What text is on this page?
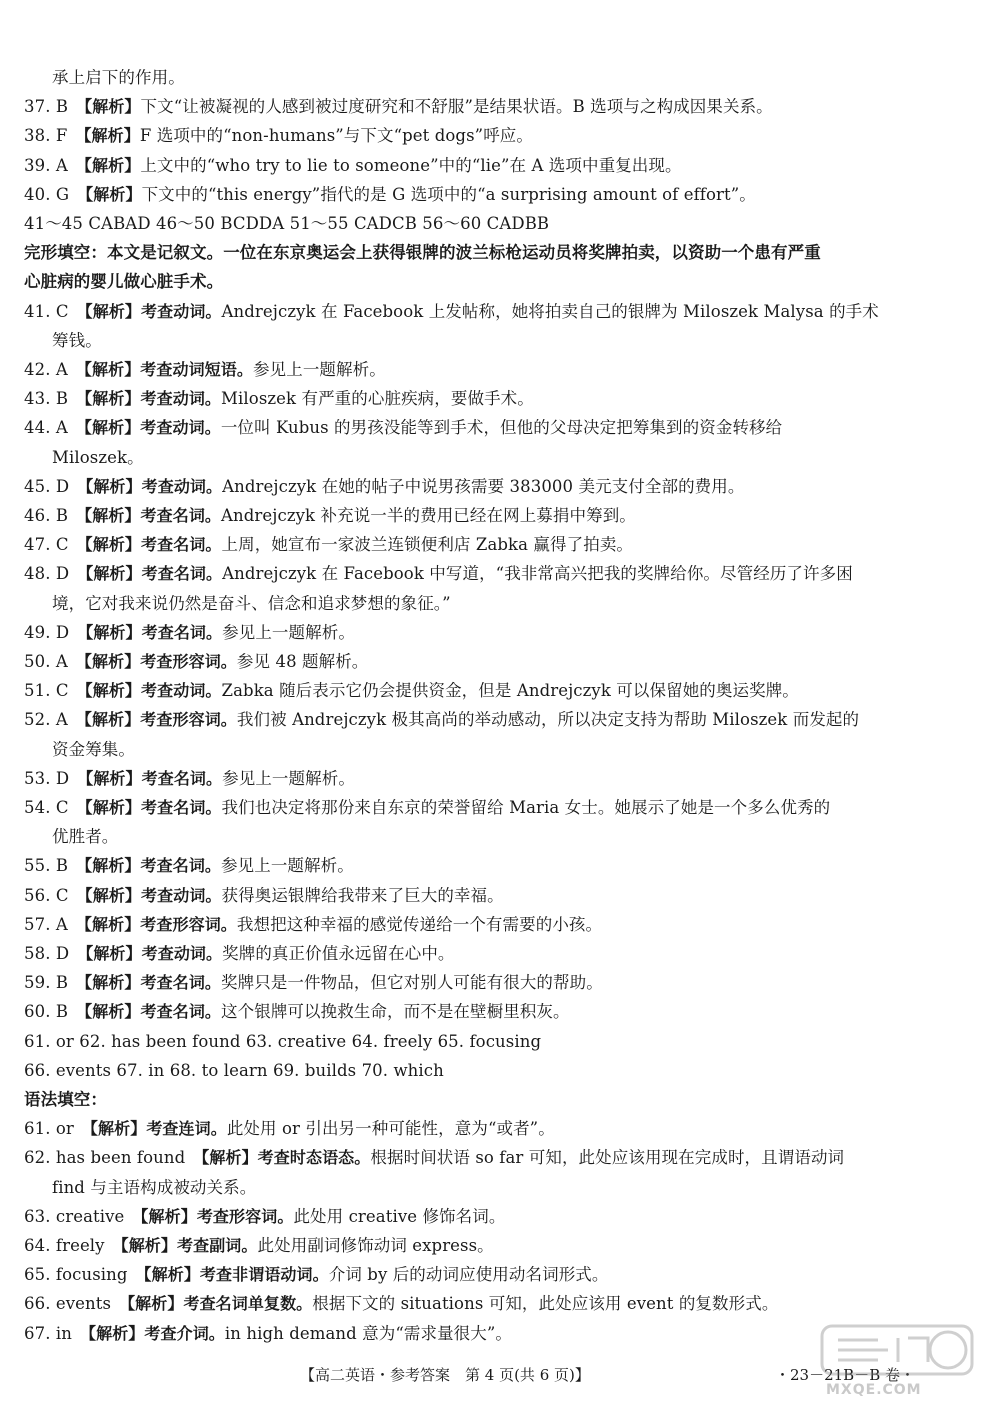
承上启下的作用。
37. B 【解析】下文“让被凝视的人感到被过度研究和不舒服”是结果状语。B 选项与之构成因果关系。
38. F 【解析】F 选项中的“non-humans”与下文“pet dogs”呼应。
39. A 【解析】上文中的“who try to lie to someone”中的“lie”在 A 选项中重复出现。
40. G 【解析】下文中的“this energy”指代的是 G 选项中的“a surprising amount of effort”。
41～45 CABAD 46～50 BCDDA 51～55 CADCB 56～60 CADBB
完形填空：本文是记叙文。一位在东京奥运会上获得银牌的波兰标枪运动员将奖牌拍卖，以资助一个患有严重
心脏病的婴儿做心脏手术。
41. C 【解析】考查动词。Andrejczyk 在 Facebook 上发帖称，她将拍卖自己的银牌为 Miloszek Malysa 的手术
筹钱。
42. A 【解析】考查动词短语。参见上一题解析。
43. B 【解析】考查动词。Miloszek 有严重的心脏疾病，要做手术。
44. A 【解析】考查动词。一位叫 Kubus 的男孩没能等到手术，但他的父母决定把筹集到的资金转移给
Miloszek。
45. D 【解析】考查动词。Andrejczyk 在她的帖子中说男孩需要 383000 美元支付全部的费用。
46. B 【解析】考查名词。Andrejczyk 补充说一半的费用已经在网上募捐中筹到。
47. C 【解析】考查名词。上周，她宣布一家波兰连锁便利店 Zabka 赢得了拍卖。
48. D 【解析】考查名词。Andrejczyk 在 Facebook 中写道，“我非常高兴把我的奖牌给你。尽管经历了许多困
境，它对我来说仍然是奋斗、信念和追求梦想的象征。”
49. D 【解析】考查名词。参见上一题解析。
50. A 【解析】考查形容词。参见 48 题解析。
51. C 【解析】考查动词。Zabka 随后表示它仍会提供资金，但是 Andrejczyk 可以保留她的奥运奖牌。
52. A 【解析】考查形容词。我们被 Andrejczyk 极其高尚的举动感动，所以决定支持为帮助 Miloszek 而发起的
资金筹集。
53. D 【解析】考查名词。参见上一题解析。
54. C 【解析】考查名词。我们也决定将那份来自东京的荣誉留给 Maria 女士。她展示了她是一个多么优秀的
优胜者。
55. B 【解析】考查名词。参见上一题解析。
56. C 【解析】考查动词。获得奥运银牌给我带来了巨大的幸福。
57. A 【解析】考查形容词。我想把这种幸福的感觉传递给一个有需要的小孩。
58. D 【解析】考查动词。奖牌的真正价值永远留在心中。
59. B 【解析】考查名词。奖牌只是一件物品，但它对别人可能有很大的帮助。
60. B 【解析】考查名词。这个银牌可以挽救生命，而不是在壁橱里积灰。
61. or 62. has been found 63. creative 64. freely 65. focusing
66. events 67. in 68. to learn 69. builds 70. which
语法填空：
61. or 【解析】考查连词。此处用 or 引出另一种可能性，意为“或者”。
62. has been found 【解析】考查时态语态。根据时间状语 so far 可知，此处应该用现在完成时，且谓语动词
find 与主语构成被动关系。
63. creative 【解析】考查形容词。此处用 creative 修饰名词。
64. freely 【解析】考查副词。此处用副词修饰动词 express。
65. focusing 【解析】考查非谓语动词。介词 by 后的动词应使用动名词形式。
66. events 【解析】考查名词单复数。根据下文的 situations 可知，此处应该用 event 的复数形式。
67. in 【解析】考查介词。in high demand 意为“需求量很大”。
【高二英语・参考答案　第 4 页(共 6 页)】	・23－21B－B 卷・
MXQE.COM
